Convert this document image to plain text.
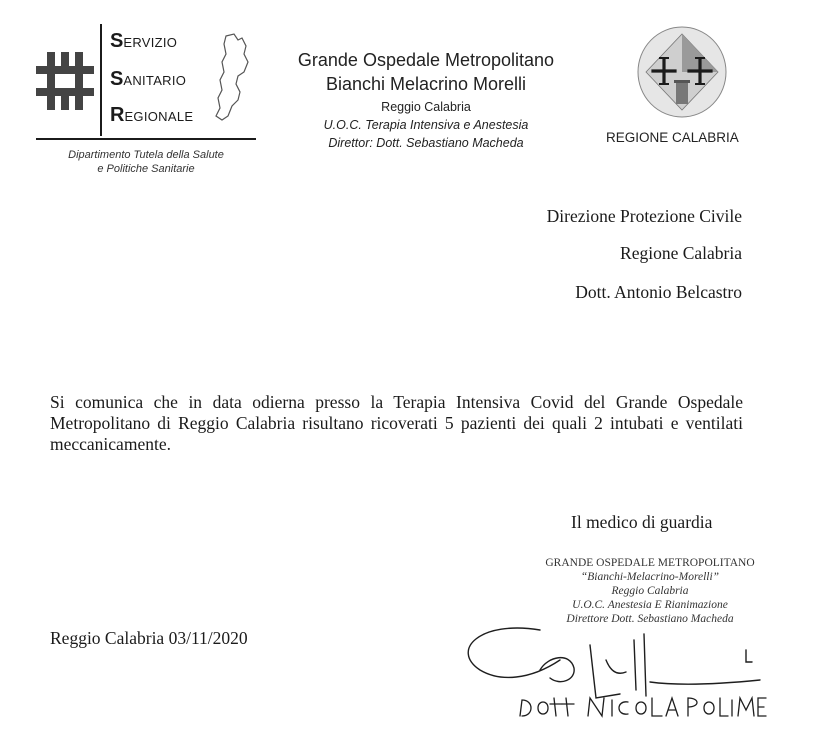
SERVIZIO
SANITARIO
REGIONALE
Dipartimento Tutela della Salute
e Politiche Sanitarie
Grande Ospedale Metropolitano
Bianchi Melacrino Morelli
Reggio Calabria
U.O.C. Terapia Intensiva e Anestesia
Direttor: Dott. Sebastiano Macheda	REGIONE CALABRIA
Direzione Protezione Civile
Regione Calabria
Dott. Antonio Belcastro
Si comunica che in data odierna presso la Terapia Intensiva Covid del Grande Ospedale Metropolitano di Reggio Calabria risultano ricoverati 5 pazienti dei quali 2 intubati e ventilati meccanicamente.
Il medico di guardia
GRANDE OSPEDALE METROPOLITANO
“Bianchi-Melacrino-Morelli”
Reggio Calabria
U.O.C. Anestesia E Rianimazione
Direttore Dott. Sebastiano Macheda
Reggio Calabria 03/11/2020
